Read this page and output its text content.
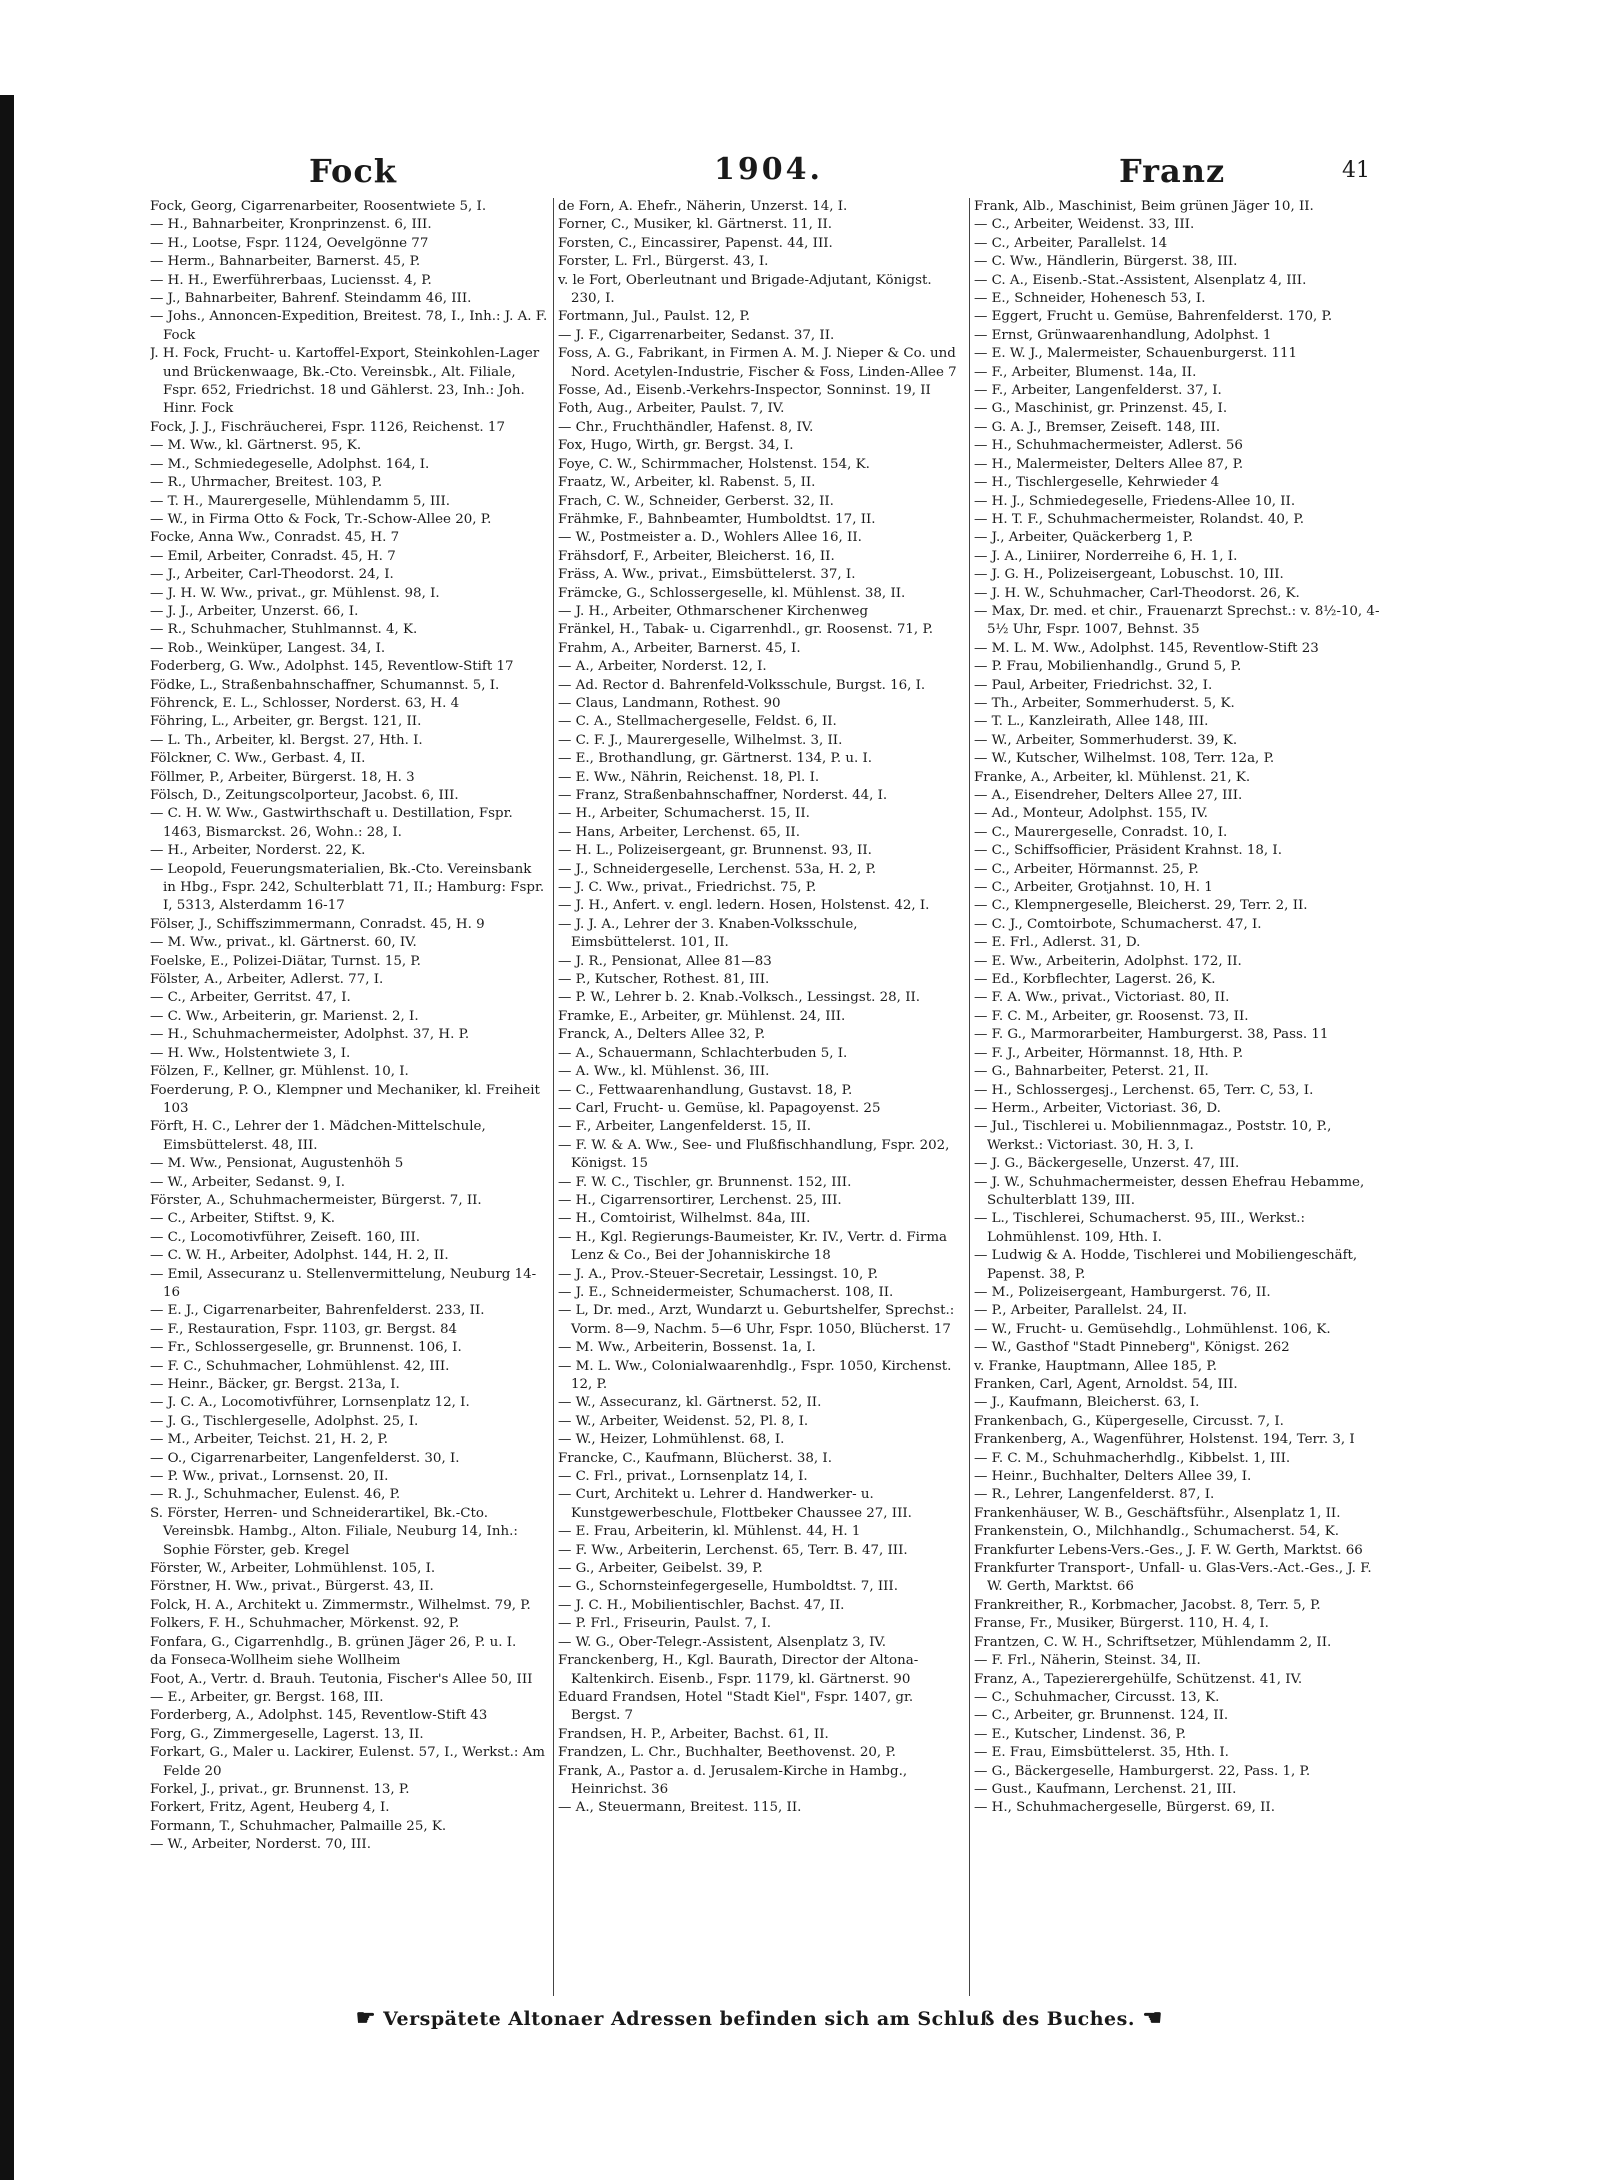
Fock	1904.	Franz	41
Fock, Georg, Cigarrenarbeiter, Roosentwiete 5, I.
— H., Bahnarbeiter, Kronprinzenst. 6, III.
— H., Lootse, Fspr. 1124, Oevelgönne 77
— Herm., Bahnarbeiter, Barnerst. 45, P.
— H. H., Ewerführerbaas, Luciensst. 4, P.
— J., Bahnarbeiter, Bahrenf. Steindamm 46, III.
— Johs., Annoncen-Expedition, Breitest. 78, I., Inh.: J. A. F. Fock
J. H. Fock, Frucht- u. Kartoffel-Export, Steinkohlen-Lager und Brückenwaage, Bk.-Cto. Vereinsbk., Alt. Filiale, Fspr. 652, Friedrichst. 18 und Gählerst. 23, Inh.: Joh. Hinr. Fock
Fock, J. J., Fischräucherei, Fspr. 1126, Reichenst. 17
— M. Ww., kl. Gärtnerst. 95, K.
— M., Schmiedegeselle, Adolphst. 164, I.
— R., Uhrmacher, Breitest. 103, P.
— T. H., Maurergeselle, Mühlendamm 5, III.
— W., in Firma Otto & Fock, Tr.-Schow-Allee 20, P.
Focke, Anna Ww., Conradst. 45, H. 7
— Emil, Arbeiter, Conradst. 45, H. 7
— J., Arbeiter, Carl-Theodorst. 24, I.
— J. H. W. Ww., privat., gr. Mühlenst. 98, I.
— J. J., Arbeiter, Unzerst. 66, I.
— R., Schuhmacher, Stuhlmannst. 4, K.
— Rob., Weinküper, Langest. 34, I.
Foderberg, G. Ww., Adolphst. 145, Reventlow-Stift 17
Födke, L., Straßenbahnschaffner, Schumannst. 5, I.
Föhrenck, E. L., Schlosser, Norderst. 63, H. 4
Föhring, L., Arbeiter, gr. Bergst. 121, II.
— L. Th., Arbeiter, kl. Bergst. 27, Hth. I.
Fölckner, C. Ww., Gerbast. 4, II.
Föllmer, P., Arbeiter, Bürgerst. 18, H. 3
Fölsch, D., Zeitungscolporteur, Jacobst. 6, III.
— C. H. W. Ww., Gastwirthschaft u. Destillation, Fspr. 1463, Bismarckst. 26, Wohn.: 28, I.
— H., Arbeiter, Norderst. 22, K.
— Leopold, Feuerungsmaterialien, Bk.-Cto. Vereinsbank in Hbg., Fspr. 242, Schulterblatt 71, II.; Hamburg: Fspr. I, 5313, Alsterdamm 16-17
Fölser, J., Schiffszimmermann, Conradst. 45, H. 9
— M. Ww., privat., kl. Gärtnerst. 60, IV.
Foelske, E., Polizei-Diätar, Turnst. 15, P.
Fölster, A., Arbeiter, Adlerst. 77, I.
— C., Arbeiter, Gerritst. 47, I.
— C. Ww., Arbeiterin, gr. Marienst. 2, I.
— H., Schuhmachermeister, Adolphst. 37, H. P.
— H. Ww., Holstentwiete 3, I.
Fölzen, F., Kellner, gr. Mühlenst. 10, I.
Foerderung, P. O., Klempner und Mechaniker, kl. Freiheit 103
Förft, H. C., Lehrer der 1. Mädchen-Mittelschule, Eimsbüttelerst. 48, III.
— M. Ww., Pensionat, Augustenhöh 5
— W., Arbeiter, Sedanst. 9, I.
Förster, A., Schuhmachermeister, Bürgerst. 7, II.
— C., Arbeiter, Stiftst. 9, K.
— C., Locomotivführer, Zeiseft. 160, III.
— C. W. H., Arbeiter, Adolphst. 144, H. 2, II.
— Emil, Assecuranz u. Stellenvermittelung, Neuburg 14-16
— E. J., Cigarrenarbeiter, Bahrenfelderst. 233, II.
— F., Restauration, Fspr. 1103, gr. Bergst. 84
— Fr., Schlossergeselle, gr. Brunnenst. 106, I.
— F. C., Schuhmacher, Lohmühlenst. 42, III.
— Heinr., Bäcker, gr. Bergst. 213a, I.
— J. C. A., Locomotivführer, Lornsenplatz 12, I.
— J. G., Tischlergeselle, Adolphst. 25, I.
— M., Arbeiter, Teichst. 21, H. 2, P.
— O., Cigarrenarbeiter, Langenfelderst. 30, I.
— P. Ww., privat., Lornsenst. 20, II.
— R. J., Schuhmacher, Eulenst. 46, P.
S. Förster, Herren- und Schneiderartikel, Bk.-Cto. Vereinsbk. Hambg., Alton. Filiale, Neuburg 14, Inh.: Sophie Förster, geb. Kregel
Förster, W., Arbeiter, Lohmühlenst. 105, I.
Förstner, H. Ww., privat., Bürgerst. 43, II.
Folck, H. A., Architekt u. Zimmermstr., Wilhelmst. 79, P.
Folkers, F. H., Schuhmacher, Mörkenst. 92, P.
Fonfara, G., Cigarrenhdlg., B. grünen Jäger 26, P. u. I.
da Fonseca-Wollheim siehe Wollheim
Foot, A., Vertr. d. Brauh. Teutonia, Fischer's Allee 50, III
— E., Arbeiter, gr. Bergst. 168, III.
Forderberg, A., Adolphst. 145, Reventlow-Stift 43
Forg, G., Zimmergeselle, Lagerst. 13, II.
Forkart, G., Maler u. Lackirer, Eulenst. 57, I., Werkst.: Am Felde 20
Forkel, J., privat., gr. Brunnenst. 13, P.
Forkert, Fritz, Agent, Heuberg 4, I.
Formann, T., Schuhmacher, Palmaille 25, K.
— W., Arbeiter, Norderst. 70, III.
de Forn, A. Ehefr., Näherin, Unzerst. 14, I.
Forner, C., Musiker, kl. Gärtnerst. 11, II.
Forsten, C., Eincassirer, Papenst. 44, III.
Forster, L. Frl., Bürgerst. 43, I.
v. le Fort, Oberleutnant und Brigade-Adjutant, Königst. 230, I.
Fortmann, Jul., Paulst. 12, P.
— J. F., Cigarrenarbeiter, Sedanst. 37, II.
Foss, A. G., Fabrikant, in Firmen A. M. J. Nieper & Co. und Nord. Acetylen-Industrie, Fischer & Foss, Linden-Allee 7
Fosse, Ad., Eisenb.-Verkehrs-Inspector, Sonninst. 19, II
Foth, Aug., Arbeiter, Paulst. 7, IV.
— Chr., Fruchthändler, Hafenst. 8, IV.
Fox, Hugo, Wirth, gr. Bergst. 34, I.
Foye, C. W., Schirmmacher, Holstenst. 154, K.
Fraatz, W., Arbeiter, kl. Rabenst. 5, II.
Frach, C. W., Schneider, Gerberst. 32, II.
Frähmke, F., Bahnbeamter, Humboldtst. 17, II.
— W., Postmeister a. D., Wohlers Allee 16, II.
Frähsdorf, F., Arbeiter, Bleicherst. 16, II.
Fräss, A. Ww., privat., Eimsbüttelerst. 37, I.
Främcke, G., Schlossergeselle, kl. Mühlenst. 38, II.
— J. H., Arbeiter, Othmarschener Kirchenweg
Fränkel, H., Tabak- u. Cigarrenhdl., gr. Roosenst. 71, P.
Frahm, A., Arbeiter, Barnerst. 45, I.
— A., Arbeiter, Norderst. 12, I.
— Ad. Rector d. Bahrenfeld-Volksschule, Burgst. 16, I.
— Claus, Landmann, Rothest. 90
— C. A., Stellmachergeselle, Feldst. 6, II.
— C. F. J., Maurergeselle, Wilhelmst. 3, II.
— E., Brothandlung, gr. Gärtnerst. 134, P. u. I.
— E. Ww., Nährin, Reichenst. 18, Pl. I.
— Franz, Straßenbahnschaffner, Norderst. 44, I.
— H., Arbeiter, Schumacherst. 15, II.
— Hans, Arbeiter, Lerchenst. 65, II.
— H. L., Polizeisergeant, gr. Brunnenst. 93, II.
— J., Schneidergeselle, Lerchenst. 53a, H. 2, P.
— J. C. Ww., privat., Friedrichst. 75, P.
— J. H., Anfert. v. engl. ledern. Hosen, Holstenst. 42, I.
— J. J. A., Lehrer der 3. Knaben-Volksschule, Eimsbüttelerst. 101, II.
— J. R., Pensionat, Allee 81—83
— P., Kutscher, Rothest. 81, III.
— P. W., Lehrer b. 2. Knab.-Volksch., Lessingst. 28, II.
Framke, E., Arbeiter, gr. Mühlenst. 24, III.
Franck, A., Delters Allee 32, P.
— A., Schauermann, Schlachterbuden 5, I.
— A. Ww., kl. Mühlenst. 36, III.
— C., Fettwaarenhandlung, Gustavst. 18, P.
— Carl, Frucht- u. Gemüse, kl. Papagoyenst. 25
— F., Arbeiter, Langenfelderst. 15, II.
— F. W. & A. Ww., See- und Flußfischhandlung, Fspr. 202, Königst. 15
— F. W. C., Tischler, gr. Brunnenst. 152, III.
— H., Cigarrensortirer, Lerchenst. 25, III.
— H., Comtoirist, Wilhelmst. 84a, III.
— H., Kgl. Regierungs-Baumeister, Kr. IV., Vertr. d. Firma Lenz & Co., Bei der Johanniskirche 18
— J. A., Prov.-Steuer-Secretair, Lessingst. 10, P.
— J. E., Schneidermeister, Schumacherst. 108, II.
— L, Dr. med., Arzt, Wundarzt u. Geburtshelfer, Sprechst.: Vorm. 8—9, Nachm. 5—6 Uhr, Fspr. 1050, Blücherst. 17
— M. Ww., Arbeiterin, Bossenst. 1a, I.
— M. L. Ww., Colonialwaarenhdlg., Fspr. 1050, Kirchenst. 12, P.
— W., Assecuranz, kl. Gärtnerst. 52, II.
— W., Arbeiter, Weidenst. 52, Pl. 8, I.
— W., Heizer, Lohmühlenst. 68, I.
Francke, C., Kaufmann, Blücherst. 38, I.
— C. Frl., privat., Lornsenplatz 14, I.
— Curt, Architekt u. Lehrer d. Handwerker- u. Kunstgewerbeschule, Flottbeker Chaussee 27, III.
— E. Frau, Arbeiterin, kl. Mühlenst. 44, H. 1
— F. Ww., Arbeiterin, Lerchenst. 65, Terr. B. 47, III.
— G., Arbeiter, Geibelst. 39, P.
— G., Schornsteinfegergeselle, Humboldtst. 7, III.
— J. C. H., Mobilientischler, Bachst. 47, II.
— P. Frl., Friseurin, Paulst. 7, I.
— W. G., Ober-Telegr.-Assistent, Alsenplatz 3, IV.
Franckenberg, H., Kgl. Baurath, Director der Altona-Kaltenkirch. Eisenb., Fspr. 1179, kl. Gärtnerst. 90
Eduard Frandsen, Hotel "Stadt Kiel", Fspr. 1407, gr. Bergst. 7
Frandsen, H. P., Arbeiter, Bachst. 61, II.
Frandzen, L. Chr., Buchhalter, Beethovenst. 20, P.
Frank, A., Pastor a. d. Jerusalem-Kirche in Hambg., Heinrichst. 36
— A., Steuermann, Breitest. 115, II.
Frank, Alb., Maschinist, Beim grünen Jäger 10, II.
— C., Arbeiter, Weidenst. 33, III.
— C., Arbeiter, Parallelst. 14
— C. Ww., Händlerin, Bürgerst. 38, III.
— C. A., Eisenb.-Stat.-Assistent, Alsenplatz 4, III.
— E., Schneider, Hohenesch 53, I.
— Eggert, Frucht u. Gemüse, Bahrenfelderst. 170, P.
— Ernst, Grünwaarenhandlung, Adolphst. 1
— E. W. J., Malermeister, Schauenburgerst. 111
— F., Arbeiter, Blumenst. 14a, II.
— F., Arbeiter, Langenfelderst. 37, I.
— G., Maschinist, gr. Prinzenst. 45, I.
— G. A. J., Bremser, Zeiseft. 148, III.
— H., Schuhmachermeister, Adlerst. 56
— H., Malermeister, Delters Allee 87, P.
— H., Tischlergeselle, Kehrwieder 4
— H. J., Schmiedegeselle, Friedens-Allee 10, II.
— H. T. F., Schuhmachermeister, Rolandst. 40, P.
— J., Arbeiter, Quäckerberg 1, P.
— J. A., Liniirer, Norderreihe 6, H. 1, I.
— J. G. H., Polizeisergeant, Lobuschst. 10, III.
— J. H. W., Schuhmacher, Carl-Theodorst. 26, K.
— Max, Dr. med. et chir., Frauenarzt Sprechst.: v. 8½-10, 4-5½ Uhr, Fspr. 1007, Behnst. 35
— M. L. M. Ww., Adolphst. 145, Reventlow-Stift 23
— P. Frau, Mobilienhandlg., Grund 5, P.
— Paul, Arbeiter, Friedrichst. 32, I.
— Th., Arbeiter, Sommerhuderst. 5, K.
— T. L., Kanzleirath, Allee 148, III.
— W., Arbeiter, Sommerhuderst. 39, K.
— W., Kutscher, Wilhelmst. 108, Terr. 12a, P.
Franke, A., Arbeiter, kl. Mühlenst. 21, K.
— A., Eisendreher, Delters Allee 27, III.
— Ad., Monteur, Adolphst. 155, IV.
— C., Maurergeselle, Conradst. 10, I.
— C., Schiffsofficier, Präsident Krahnst. 18, I.
— C., Arbeiter, Hörmannst. 25, P.
— C., Arbeiter, Grotjahnst. 10, H. 1
— C., Klempnergeselle, Bleicherst. 29, Terr. 2, II.
— C. J., Comtoirbote, Schumacherst. 47, I.
— E. Frl., Adlerst. 31, D.
— E. Ww., Arbeiterin, Adolphst. 172, II.
— Ed., Korbflechter, Lagerst. 26, K.
— F. A. Ww., privat., Victoriast. 80, II.
— F. C. M., Arbeiter, gr. Roosenst. 73, II.
— F. G., Marmorarbeiter, Hamburgerst. 38, Pass. 11
— F. J., Arbeiter, Hörmannst. 18, Hth. P.
— G., Bahnarbeiter, Peterst. 21, II.
— H., Schlossergesj., Lerchenst. 65, Terr. C, 53, I.
— Herm., Arbeiter, Victoriast. 36, D.
— Jul., Tischlerei u. Mobiliennmagaz., Poststr. 10, P., Werkst.: Victoriast. 30, H. 3, I.
— J. G., Bäckergeselle, Unzerst. 47, III.
— J. W., Schuhmachermeister, dessen Ehefrau Hebamme, Schulterblatt 139, III.
— L., Tischlerei, Schumacherst. 95, III., Werkst.: Lohmühlenst. 109, Hth. I.
— Ludwig & A. Hodde, Tischlerei und Mobiliengeschäft, Papenst. 38, P.
— M., Polizeisergeant, Hamburgerst. 76, II.
— P., Arbeiter, Parallelst. 24, II.
— W., Frucht- u. Gemüsehdlg., Lohmühlenst. 106, K.
— W., Gasthof "Stadt Pinneberg", Königst. 262
v. Franke, Hauptmann, Allee 185, P.
Franken, Carl, Agent, Arnoldst. 54, III.
— J., Kaufmann, Bleicherst. 63, I.
Frankenbach, G., Küpergeselle, Circusst. 7, I.
Frankenberg, A., Wagenführer, Holstenst. 194, Terr. 3, I
— F. C. M., Schuhmacherhdlg., Kibbelst. 1, III.
— Heinr., Buchhalter, Delters Allee 39, I.
— R., Lehrer, Langenfelderst. 87, I.
Frankenhäuser, W. B., Geschäftsführ., Alsenplatz 1, II.
Frankenstein, O., Milchhandlg., Schumacherst. 54, K.
Frankfurter Lebens-Vers.-Ges., J. F. W. Gerth, Marktst. 66
Frankfurter Transport-, Unfall- u. Glas-Vers.-Act.-Ges., J. F. W. Gerth, Marktst. 66
Frankreither, R., Korbmacher, Jacobst. 8, Terr. 5, P.
Franse, Fr., Musiker, Bürgerst. 110, H. 4, I.
Frantzen, C. W. H., Schriftsetzer, Mühlendamm 2, II.
— F. Frl., Näherin, Steinst. 34, II.
Franz, A., Tapezierergehülfe, Schützenst. 41, IV.
— C., Schuhmacher, Circusst. 13, K.
— C., Arbeiter, gr. Brunnenst. 124, II.
— E., Kutscher, Lindenst. 36, P.
— E. Frau, Eimsbüttelerst. 35, Hth. I.
— G., Bäckergeselle, Hamburgerst. 22, Pass. 1, P.
— Gust., Kaufmann, Lerchenst. 21, III.
— H., Schuhmachergeselle, Bürgerst. 69, II.
☛ Verspätete Altonaer Adressen befinden sich am Schluß des Buches. ☛
